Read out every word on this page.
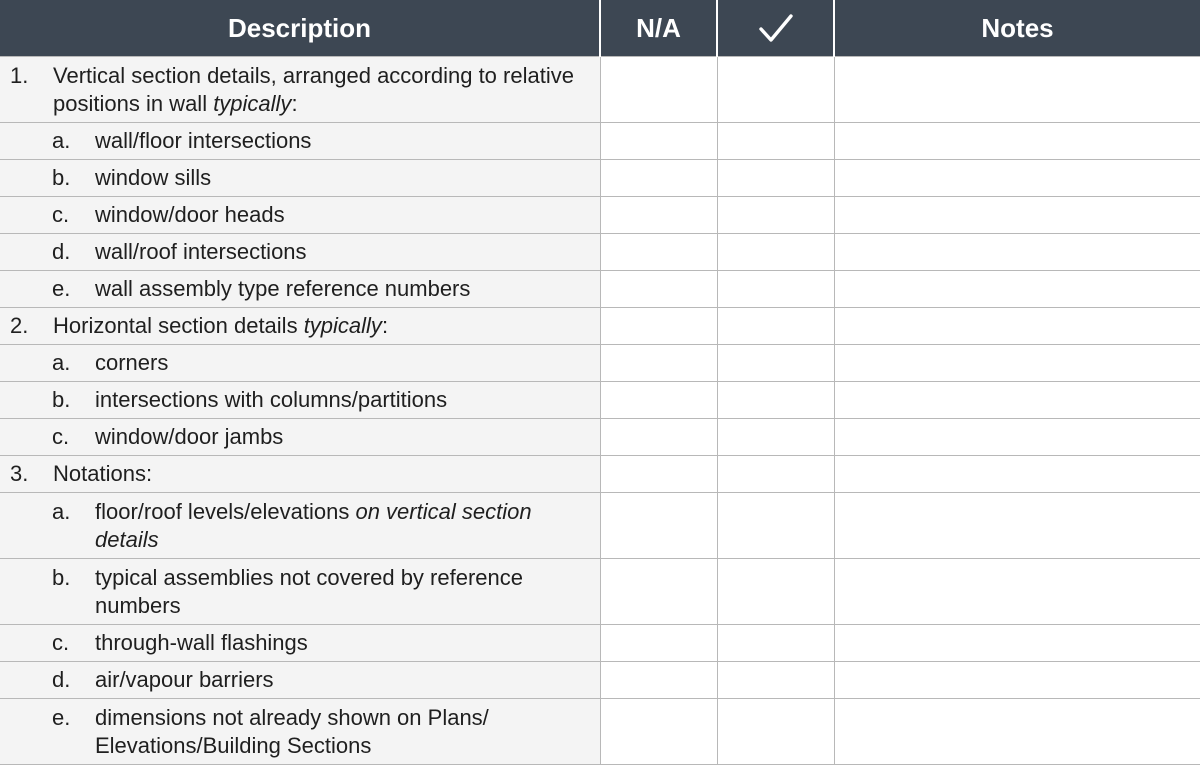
Description	N/A		Notes

1. Vertical section details, arranged according to relative positions in wall typically:			

a. wall/floor intersections			

b. window sills			

c. window/door heads			

d. wall/roof intersections			

e. wall assembly type reference numbers			

2. Horizontal section details typically:			

a. corners			

b. intersections with columns/partitions			

c. window/door jambs			

3. Notations:			

a. floor/roof levels/elevations on vertical section details			

b. typical assemblies not covered by reference numbers			

c. through-wall flashings			

d. air/vapour barriers			

e. dimensions not already shown on Plans/ Elevations/Building Sections			
